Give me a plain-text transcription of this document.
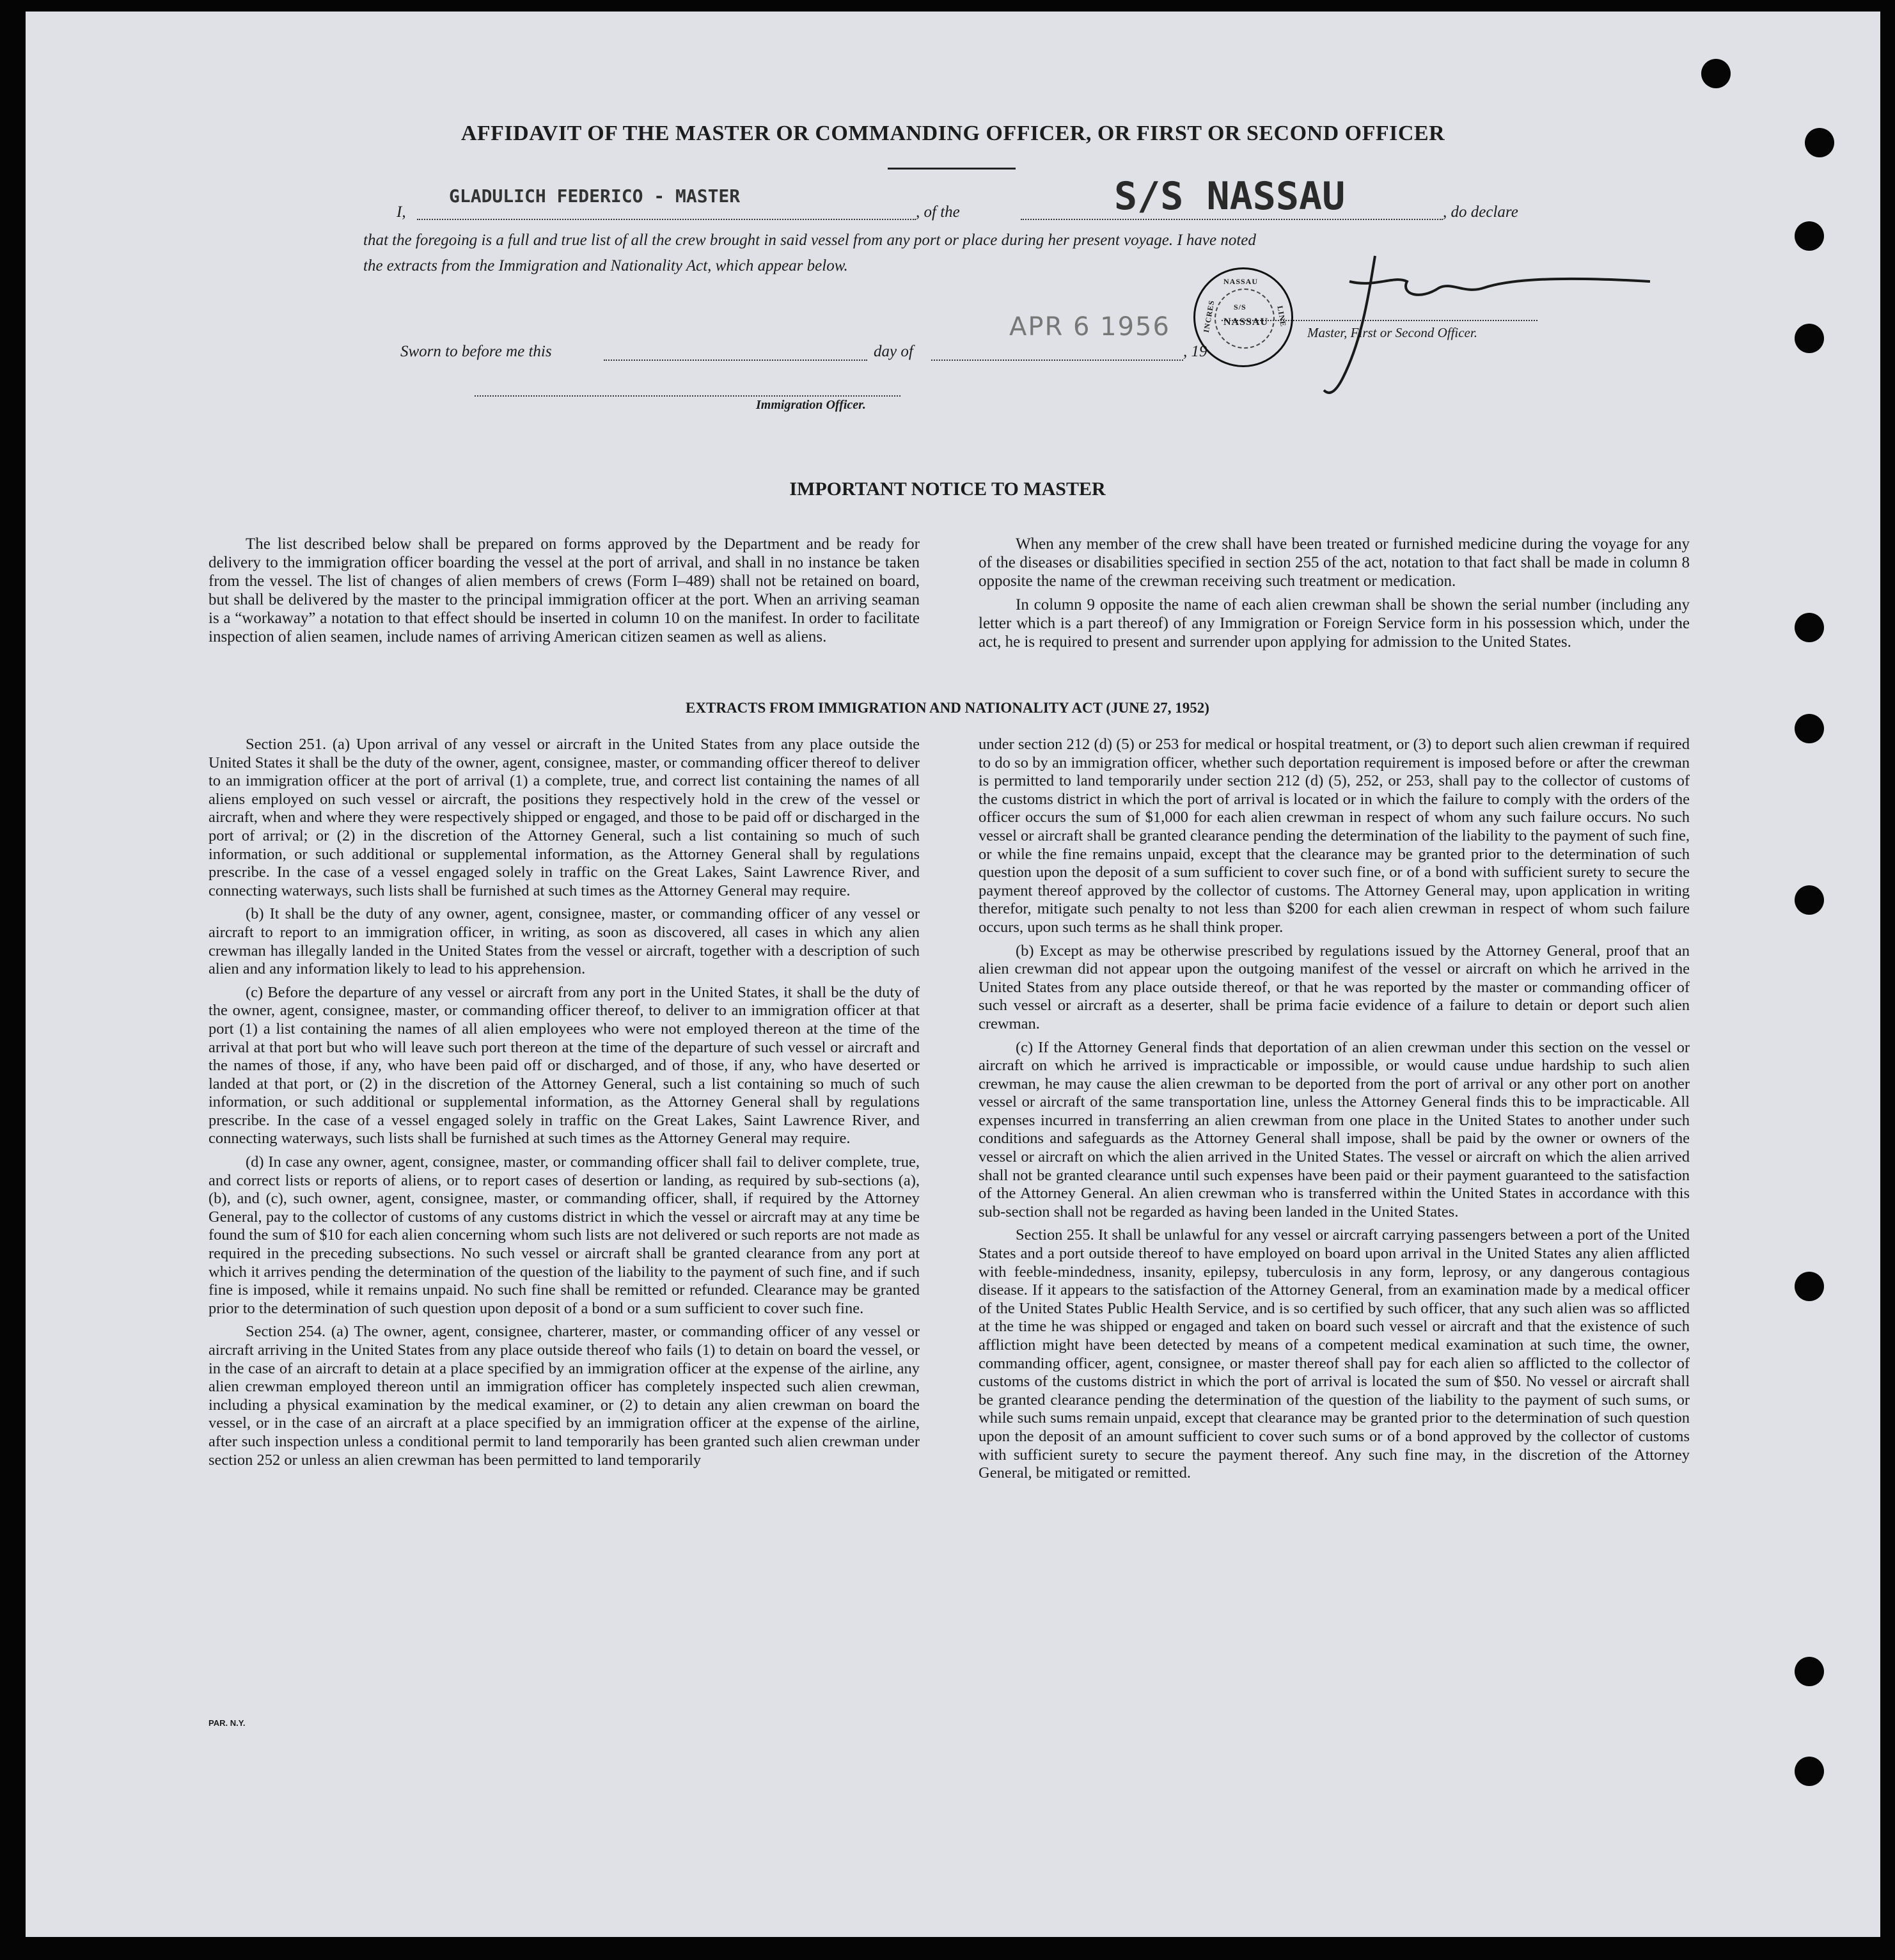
AFFIDAVIT OF THE MASTER OR COMMANDING OFFICER, OR FIRST OR SECOND OFFICER
I,
GLADULICH FEDERICO - MASTER
, of the	S/S NASSAU	, do declare
that the foregoing is a full and true list of all the crew brought in said vessel from any port or place during her present voyage. I have noted
the extracts from the Immigration and Nationality Act, which appear below.
Sworn to before me this	day of	, 19
APR 6 1956	Master, First or Second Officer.
NASSAU
S/S
NASSAU
INCRES	LINE
Immigration Officer.
IMPORTANT NOTICE TO MASTER

The list described below shall be prepared on forms approved by the Department and be ready for delivery to the immigration officer boarding the vessel at the port of arrival, and shall in no instance be taken from the vessel. The list of changes of alien members of crews (Form I–489) shall not be retained on board, but shall be delivered by the master to the principal immigration officer at the port. When an arriving seaman is a “workaway” a notation to that effect should be inserted in column 10 on the manifest. In order to facilitate inspection of alien seamen, include names of arriving American citizen seamen as well as aliens.

When any member of the crew shall have been treated or furnished medicine during the voyage for any of the diseases or disabilities specified in section 255 of the act, notation to that fact shall be made in column 8 opposite the name of the crewman receiving such treatment or medication.

In column 9 opposite the name of each alien crewman shall be shown the serial number (including any letter which is a part thereof) of any Immigration or Foreign Service form in his possession which, under the act, he is required to present and surrender upon applying for admission to the United States.

EXTRACTS FROM IMMIGRATION AND NATIONALITY ACT (JUNE 27, 1952)

Section 251. (a) Upon arrival of any vessel or aircraft in the United States from any place outside the United States it shall be the duty of the owner, agent, consignee, master, or commanding officer thereof to deliver to an immigration officer at the port of arrival (1) a complete, true, and correct list containing the names of all aliens employed on such vessel or aircraft, the positions they respectively hold in the crew of the vessel or aircraft, when and where they were respectively shipped or engaged, and those to be paid off or discharged in the port of arrival; or (2) in the discretion of the Attorney General, such a list containing so much of such information, or such additional or supplemental information, as the Attorney General shall by regulations prescribe. In the case of a vessel engaged solely in traffic on the Great Lakes, Saint Lawrence River, and connecting waterways, such lists shall be furnished at such times as the Attorney General may require.

(b) It shall be the duty of any owner, agent, consignee, master, or commanding officer of any vessel or aircraft to report to an immigration officer, in writing, as soon as discovered, all cases in which any alien crewman has illegally landed in the United States from the vessel or aircraft, together with a description of such alien and any information likely to lead to his apprehension.

(c) Before the departure of any vessel or aircraft from any port in the United States, it shall be the duty of the owner, agent, consignee, master, or commanding officer thereof, to deliver to an immigration officer at that port (1) a list containing the names of all alien employees who were not employed thereon at the time of the arrival at that port but who will leave such port thereon at the time of the departure of such vessel or aircraft and the names of those, if any, who have been paid off or discharged, and of those, if any, who have deserted or landed at that port, or (2) in the discretion of the Attorney General, such a list containing so much of such information, or such additional or supplemental information, as the Attorney General shall by regulations prescribe. In the case of a vessel engaged solely in traffic on the Great Lakes, Saint Lawrence River, and connecting waterways, such lists shall be furnished at such times as the Attorney General may require.

(d) In case any owner, agent, consignee, master, or commanding officer shall fail to deliver complete, true, and correct lists or reports of aliens, or to report cases of desertion or landing, as required by sub-sections (a), (b), and (c), such owner, agent, consignee, master, or commanding officer, shall, if required by the Attorney General, pay to the collector of customs of any customs district in which the vessel or aircraft may at any time be found the sum of $10 for each alien concerning whom such lists are not delivered or such reports are not made as required in the preceding subsections. No such vessel or aircraft shall be granted clearance from any port at which it arrives pending the determination of the question of the liability to the payment of such fine, and if such fine is imposed, while it remains unpaid. No such fine shall be remitted or refunded. Clearance may be granted prior to the determination of such question upon deposit of a bond or a sum sufficient to cover such fine.

Section 254. (a) The owner, agent, consignee, charterer, master, or commanding officer of any vessel or aircraft arriving in the United States from any place outside thereof who fails (1) to detain on board the vessel, or in the case of an aircraft to detain at a place specified by an immigration officer at the expense of the airline, any alien crewman employed thereon until an immigration officer has completely inspected such alien crewman, including a physical examination by the medical examiner, or (2) to detain any alien crewman on board the vessel, or in the case of an aircraft at a place specified by an immigration officer at the expense of the airline, after such inspection unless a conditional permit to land temporarily has been granted such alien crewman under section 252 or unless an alien crewman has been permitted to land temporarily

under section 212 (d) (5) or 253 for medical or hospital treatment, or (3) to deport such alien crewman if required to do so by an immigration officer, whether such deportation requirement is imposed before or after the crewman is permitted to land temporarily under section 212 (d) (5), 252, or 253, shall pay to the collector of customs of the customs district in which the port of arrival is located or in which the failure to comply with the orders of the officer occurs the sum of $1,000 for each alien crewman in respect of whom any such failure occurs. No such vessel or aircraft shall be granted clearance pending the determination of the liability to the payment of such fine, or while the fine remains unpaid, except that the clearance may be granted prior to the determination of such question upon the deposit of a sum sufficient to cover such fine, or of a bond with sufficient surety to secure the payment thereof approved by the collector of customs. The Attorney General may, upon application in writing therefor, mitigate such penalty to not less than $200 for each alien crewman in respect of whom such failure occurs, upon such terms as he shall think proper.

(b) Except as may be otherwise prescribed by regulations issued by the Attorney General, proof that an alien crewman did not appear upon the outgoing manifest of the vessel or aircraft on which he arrived in the United States from any place outside thereof, or that he was reported by the master or commanding officer of such vessel or aircraft as a deserter, shall be prima facie evidence of a failure to detain or deport such alien crewman.

(c) If the Attorney General finds that deportation of an alien crewman under this section on the vessel or aircraft on which he arrived is impracticable or impossible, or would cause undue hardship to such alien crewman, he may cause the alien crewman to be deported from the port of arrival or any other port on another vessel or aircraft of the same transportation line, unless the Attorney General finds this to be impracticable. All expenses incurred in transferring an alien crewman from one place in the United States to another under such conditions and safeguards as the Attorney General shall impose, shall be paid by the owner or owners of the vessel or aircraft on which the alien arrived in the United States. The vessel or aircraft on which the alien arrived shall not be granted clearance until such expenses have been paid or their payment guaranteed to the satisfaction of the Attorney General. An alien crewman who is transferred within the United States in accordance with this sub-section shall not be regarded as having been landed in the United States.

Section 255. It shall be unlawful for any vessel or aircraft carrying passengers between a port of the United States and a port outside thereof to have employed on board upon arrival in the United States any alien afflicted with feeble-mindedness, insanity, epilepsy, tuberculosis in any form, leprosy, or any dangerous contagious disease. If it appears to the satisfaction of the Attorney General, from an examination made by a medical officer of the United States Public Health Service, and is so certified by such officer, that any such alien was so afflicted at the time he was shipped or engaged and taken on board such vessel or aircraft and that the existence of such affliction might have been detected by means of a competent medical examination at such time, the owner, commanding officer, agent, consignee, or master thereof shall pay for each alien so afflicted to the collector of customs of the customs district in which the port of arrival is located the sum of $50. No vessel or aircraft shall be granted clearance pending the determination of the question of the liability to the payment of such sums, or while such sums remain unpaid, except that clearance may be granted prior to the determination of such question upon the deposit of an amount sufficient to cover such sums or of a bond approved by the collector of customs with sufficient surety to secure the payment thereof. Any such fine may, in the discretion of the Attorney General, be mitigated or remitted.

PAR. N.Y.
